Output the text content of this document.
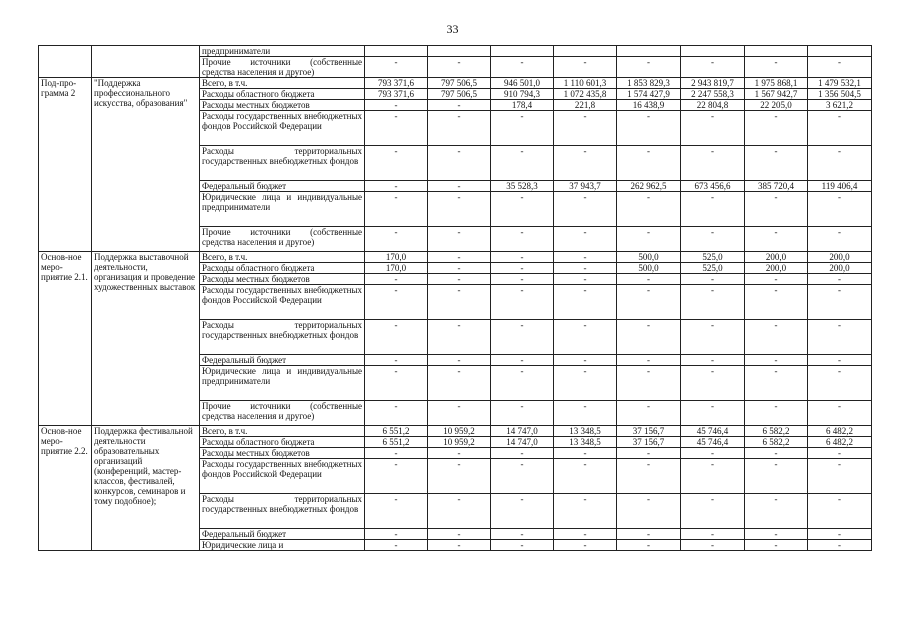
33
		предприниматели								
		Прочие источники (собственные средства населения и другое)	-	-	-	-	-	-	-	-
Под-про-грамма 2	"Поддержка профессионального искусства, образования"	Всего, в т.ч.	793 371,6	797 506,5	946 501,0	1 110 601,3	1 853 829,3	2 943 819,7	1 975 868,1	1 479 532,1
		Расходы областного бюджета	793 371,6	797 506,5	910 794,3	1 072 435,8	1 574 427,9	2 247 558,3	1 567 942,7	1 356 504,5
		Расходы местных бюджетов	-	-	178,4	221,8	16 438,9	22 804,8	22 205,0	3 621,2
		Расходы государственных внебюджетных фондов Российской Федерации	-	-	-	-	-	-	-	-
		Расходы территориальных государственных внебюджетных фондов	-	-	-	-	-	-	-	-
		Федеральный бюджет	-	-	35 528,3	37 943,7	262 962,5	673 456,6	385 720,4	119 406,4
		Юридические лица и индивидуальные предприниматели	-	-	-	-	-	-	-	-
		Прочие источники (собственные средства населения и другое)	-	-	-	-	-	-	-	-
Основ-ное меро-приятие 2.1.	Поддержка выставочной деятельности, организация и проведение художественных выставок	Всего, в т.ч.	170,0	-	-	-	500,0	525,0	200,0	200,0
		Расходы областного бюджета	170,0	-	-	-	500,0	525,0	200,0	200,0
		Расходы местных бюджетов	-	-	-	-	-	-	-	-
		Расходы государственных внебюджетных фондов Российской Федерации	-	-	-	-	-	-	-	-
		Расходы территориальных государственных внебюджетных фондов	-	-	-	-	-	-	-	-
		Федеральный бюджет	-	-	-	-	-	-	-	-
		Юридические лица и индивидуальные предприниматели	-	-	-	-	-	-	-	-
		Прочие источники (собственные средства населения и другое)	-	-	-	-	-	-	-	-
Основ-ное меро-приятие 2.2.	Поддержка фестивальной деятельности образовательных организаций (конференций, мастер-классов, фестивалей, конкурсов, семинаров и тому подобное);	Всего, в т.ч.	6 551,2	10 959,2	14 747,0	13 348,5	37 156,7	45 746,4	6 582,2	6 482,2
		Расходы областного бюджета	6 551,2	10 959,2	14 747,0	13 348,5	37 156,7	45 746,4	6 582,2	6 482,2
		Расходы местных бюджетов	-	-	-	-	-	-	-	-
		Расходы государственных внебюджетных фондов Российской Федерации	-	-	-	-	-	-	-	-
		Расходы территориальных государственных внебюджетных фондов	-	-	-	-	-	-	-	-
		Федеральный бюджет	-	-	-	-	-	-	-	-
		Юридические лица и	-	-	-	-	-	-	-	-
